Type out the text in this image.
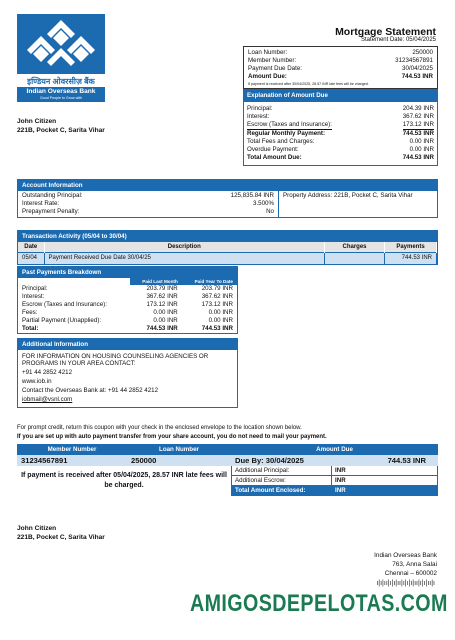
इण्डियन ओवरसीज़ बैंक
Indian Overseas Bank
Good People to Grow with
Mortgage Statement
Statement Date: 05/04/2025
Loan Number:	250000
Member Number:	31234567891
Payment Due Date:	30/04/2025
Amount Due:	744.53 INR
If payment is received after 30/04/2025, 28.57 INR late fees will be charged.
Explanation of Amount Due
Principal:	204.39 INR
Interest:	367.62 INR
Escrow (Taxes and Insurance):	173.12 INR
Regular Monthly Payment:	744.53 INR
Total Fees and Charges:	0.00 INR
Overdue Payment:	0.00 INR
Total Amount Due:	744.53 INR
John Citizen
221B, Pocket C, Sarita Vihar
Account Information
Outstanding Principal:	125,835.84 INR
Interest Rate:	3.500%
Prepayment Penalty:	No
Property Address: 221B, Pocket C, Sarita Vihar
Transaction Activity (05/04 to 30/04)
Date	Description	Charges	Payments
05/04	Payment Received Due Date 30/04/25		744.53 INR
Past Payments Breakdown
	Paid Last Month	Paid Year To Date
Principal:	203.79 INR	203.79 INR
Interest:	367.62 INR	367.62 INR
Escrow (Taxes and Insurance):	173.12 INR	173.12 INR
Fees:	0.00 INR	0.00 INR
Partial Payment (Unapplied):	0.00 INR	0.00 INR
Total:	744.53 INR	744.53 INR
Additional Information
FOR INFORMATION ON HOUSING COUNSELING AGENCIES OR PROGRAMS IN YOUR AREA CONTACT:
+91 44 2852 4212
www.iob.in
Contact the Overseas Bank at: +91 44 2852 4212
iobmail@vsnl.com
For prompt credit, return this coupon with your check in the enclosed envelope to the location shown below.
If you are set up with auto payment transfer from your share account, you do not need to mail your payment.
Member Number	Loan Number	Amount Due
31234567891	250000	Due By: 30/04/2025	744.53 INR
If payment is received after 05/04/2025, 28.57 INR late fees will be charged.
Additional Principal:	INR
Additional Escrow:	INR
Total Amount Enclosed:	INR
John Citizen
221B, Pocket C, Sarita Vihar
Indian Overseas Bank
763, Anna Salai
Chennai – 600002
ı|ı|ıı|ı|ı|ıı|ı|ı|ı|ıı|ı|ı|ıı|ı
AMIGOSDEPELOTAS.COM
